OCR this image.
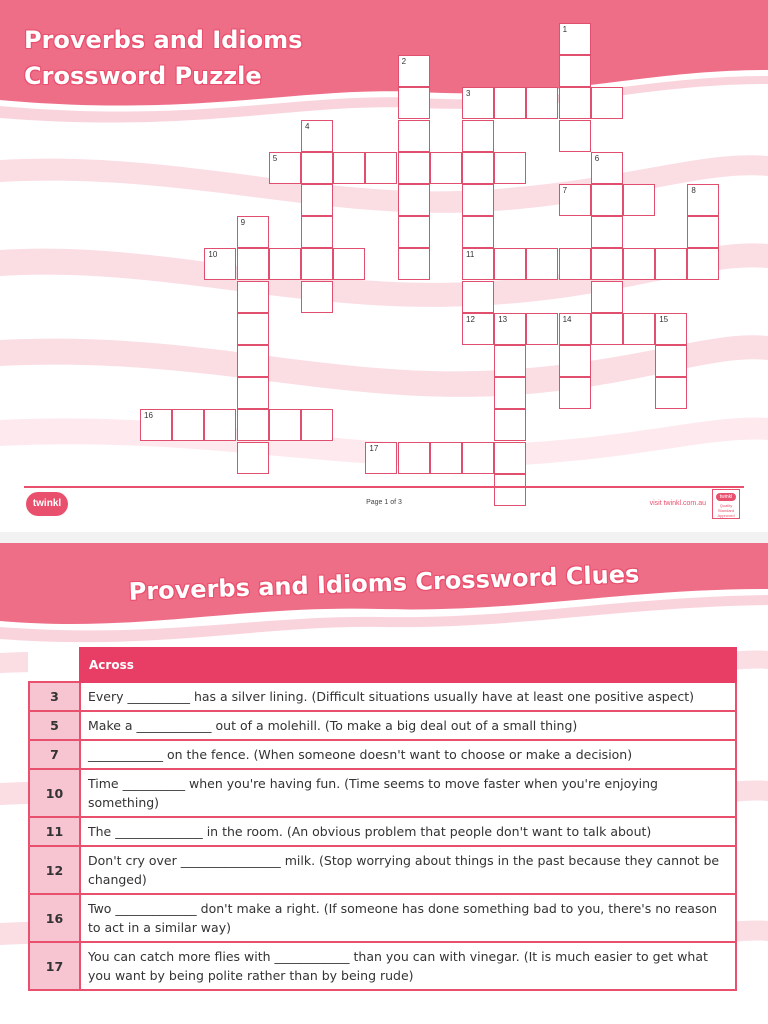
Proverbs and Idioms
Crossword Puzzle
3
5
7
10	11
12	13	14	15
16
17
1
2
4
6
8
9
twinkl	Page 1 of 3	visit twinkl.com.au
twinkl
Quality Standard Approved
Proverbs and Idioms Crossword Clues
	Across
3	Every __________ has a silver lining. (Difficult situations usually have at least one positive aspect)
5	Make a ____________ out of a molehill. (To make a big deal out of a small thing)
7	____________ on the fence. (When someone doesn't want to choose or make a decision)
10	Time __________ when you're having fun. (Time seems to move faster when you're enjoying something)
11	The ______________ in the room. (An obvious problem that people don't want to talk about)
12	Don't cry over ________________ milk. (Stop worrying about things in the past because they cannot be changed)
16	Two _____________ don't make a right. (If someone has done something bad to you, there's no reason to act in a similar way)
17	You can catch more flies with ____________ than you can with vinegar. (It is much easier to get what you want by being polite rather than by being rude)
